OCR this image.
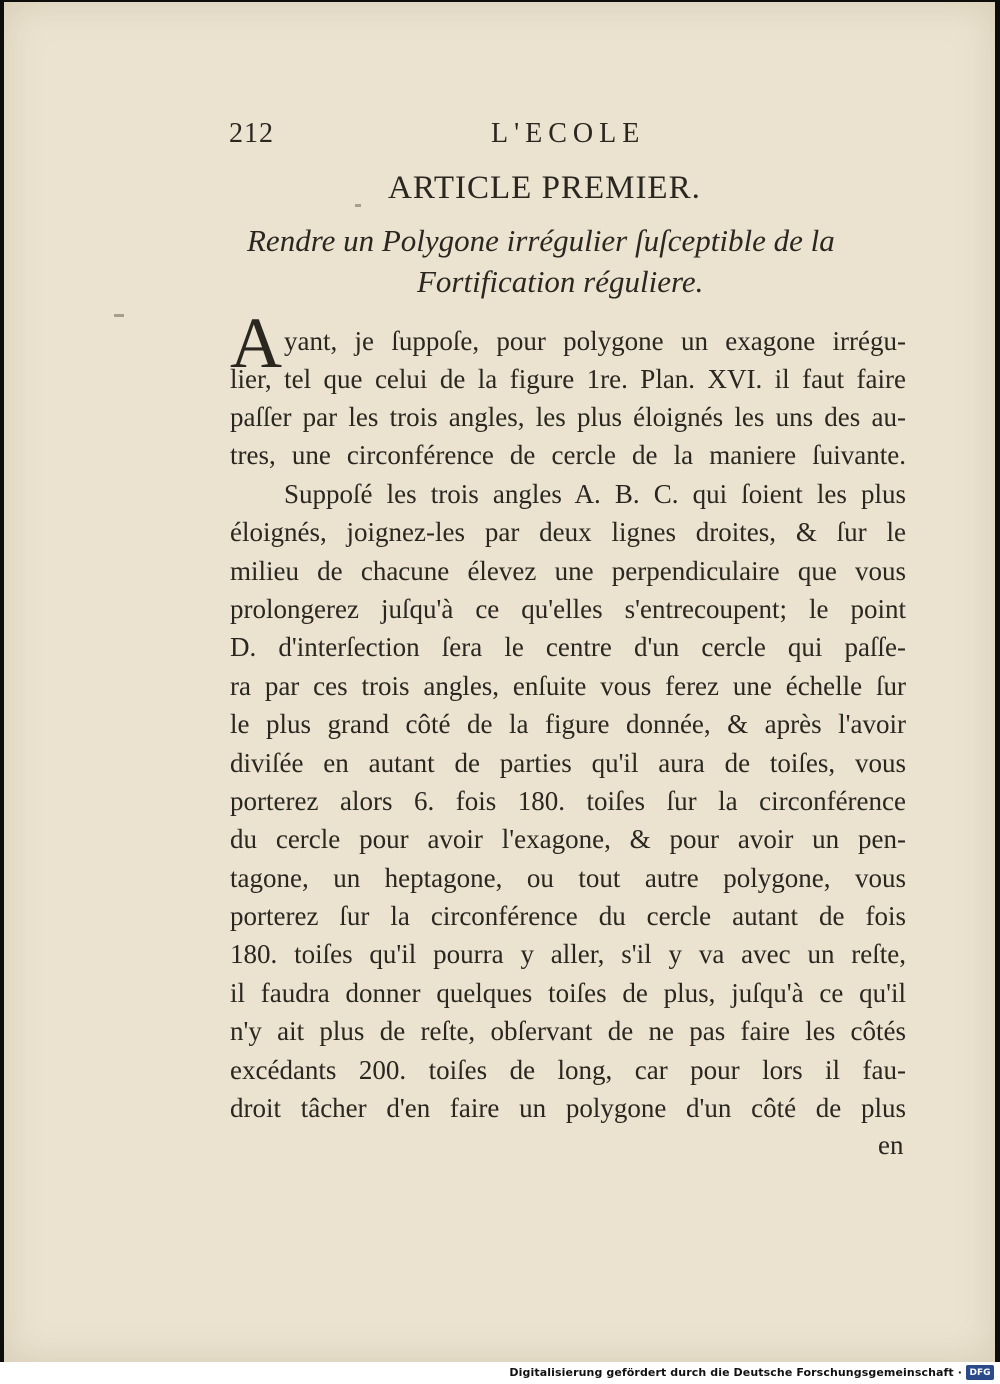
212	L'ECOLE
ARTICLE PREMIER.
Rendre un Polygone irrégulier ſuſceptible de la
Fortification réguliere.
A yant, je ſuppoſe, pour polygone un exagone irrégu-
lier, tel que celui de la figure 1re. Plan. XVI. il faut faire
paſſer par les trois angles, les plus éloignés les uns des au-
tres, une circonférence de cercle de la maniere ſuivante.
Suppoſé les trois angles A. B. C. qui ſoient les plus
éloignés, joignez-les par deux lignes droites, & ſur le
milieu de chacune élevez une perpendiculaire que vous
prolongerez juſqu'à ce qu'elles s'entrecoupent; le point
D. d'interſection ſera le centre d'un cercle qui paſſe-
ra par ces trois angles, enſuite vous ferez une échelle ſur
le plus grand côté de la figure donnée, & après l'avoir
diviſée en autant de parties qu'il aura de toiſes, vous
porterez alors 6. fois 180. toiſes ſur la circonférence
du cercle pour avoir l'exagone, & pour avoir un pen-
tagone, un heptagone, ou tout autre polygone, vous
porterez ſur la circonférence du cercle autant de fois
180. toiſes qu'il pourra y aller, s'il y va avec un reſte,
il faudra donner quelques toiſes de plus, juſqu'à ce qu'il
n'y ait plus de reſte, obſervant de ne pas faire les côtés
excédants 200. toiſes de long, car pour lors il fau-
droit tâcher d'en faire un polygone d'un côté de plus
en
Digitalisierung gefördert durch die Deutsche Forschungsgemeinschaft · DFG
